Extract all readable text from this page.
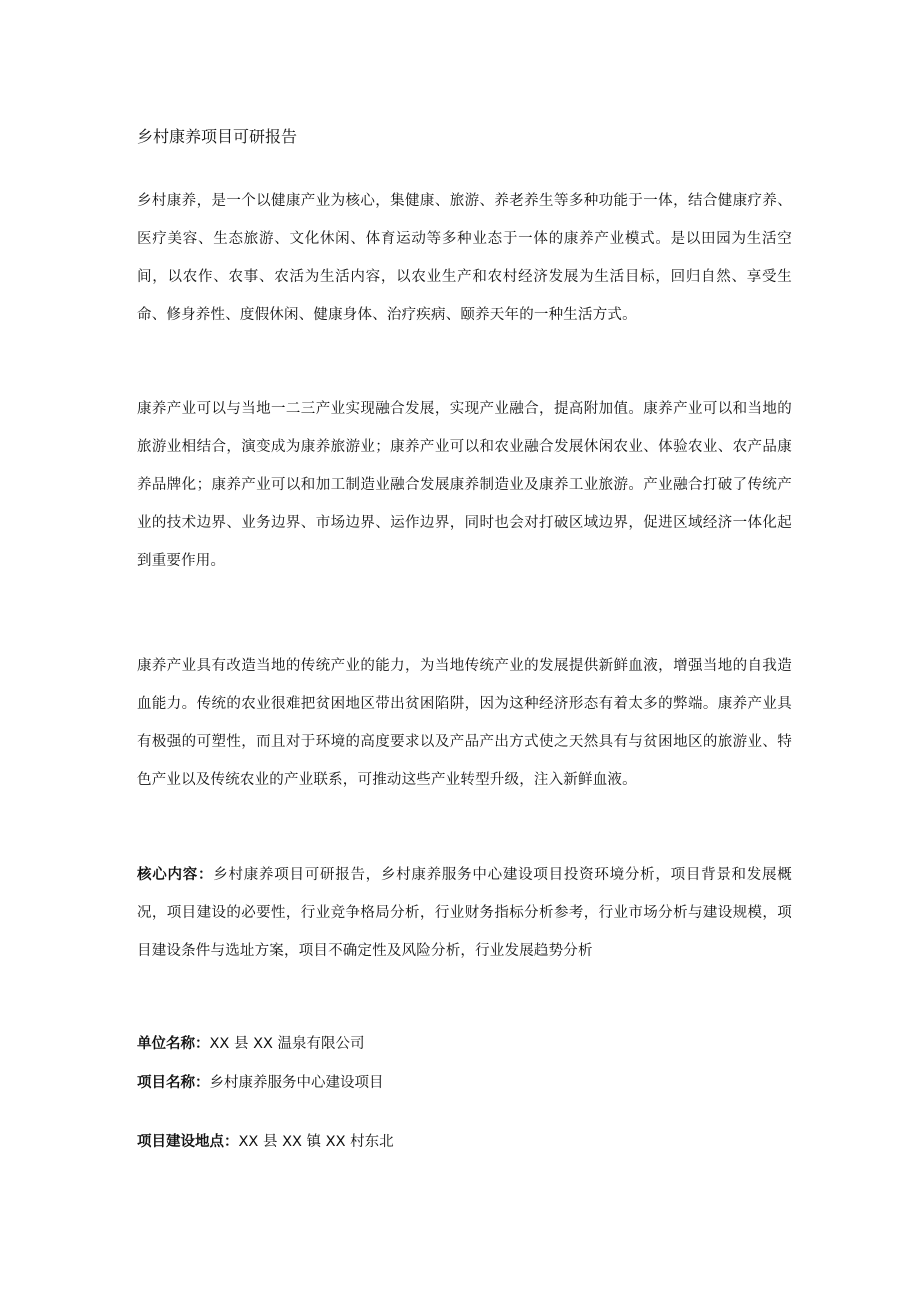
乡村康养项目可研报告
乡村康养，是一个以健康产业为核心，集健康、旅游、养老养生等多种功能于一体，结合健康疗养、医疗美容、生态旅游、文化休闲、体育运动等多种业态于一体的康养产业模式。是以田园为生活空间，以农作、农事、农活为生活内容，以农业生产和农村经济发展为生活目标，回归自然、享受生命、修身养性、度假休闲、健康身体、治疗疾病、颐养天年的一种生活方式。
康养产业可以与当地一二三产业实现融合发展，实现产业融合，提高附加值。康养产业可以和当地的旅游业相结合，演变成为康养旅游业；康养产业可以和农业融合发展休闲农业、体验农业、农产品康养品牌化；康养产业可以和加工制造业融合发展康养制造业及康养工业旅游。产业融合打破了传统产业的技术边界、业务边界、市场边界、运作边界，同时也会对打破区域边界，促进区域经济一体化起到重要作用。
康养产业具有改造当地的传统产业的能力，为当地传统产业的发展提供新鲜血液，增强当地的自我造血能力。传统的农业很难把贫困地区带出贫困陷阱，因为这种经济形态有着太多的弊端。康养产业具有极强的可塑性，而且对于环境的高度要求以及产品产出方式使之天然具有与贫困地区的旅游业、特色产业以及传统农业的产业联系，可推动这些产业转型升级，注入新鲜血液。
核心内容：乡村康养项目可研报告，乡村康养服务中心建设项目投资环境分析，项目背景和发展概况，项目建设的必要性，行业竞争格局分析，行业财务指标分析参考，行业市场分析与建设规模，项目建设条件与选址方案，项目不确定性及风险分析，行业发展趋势分析
单位名称：XX 县 XX 温泉有限公司
项目名称：乡村康养服务中心建设项目
项目建设地点：XX 县 XX 镇 XX 村东北
